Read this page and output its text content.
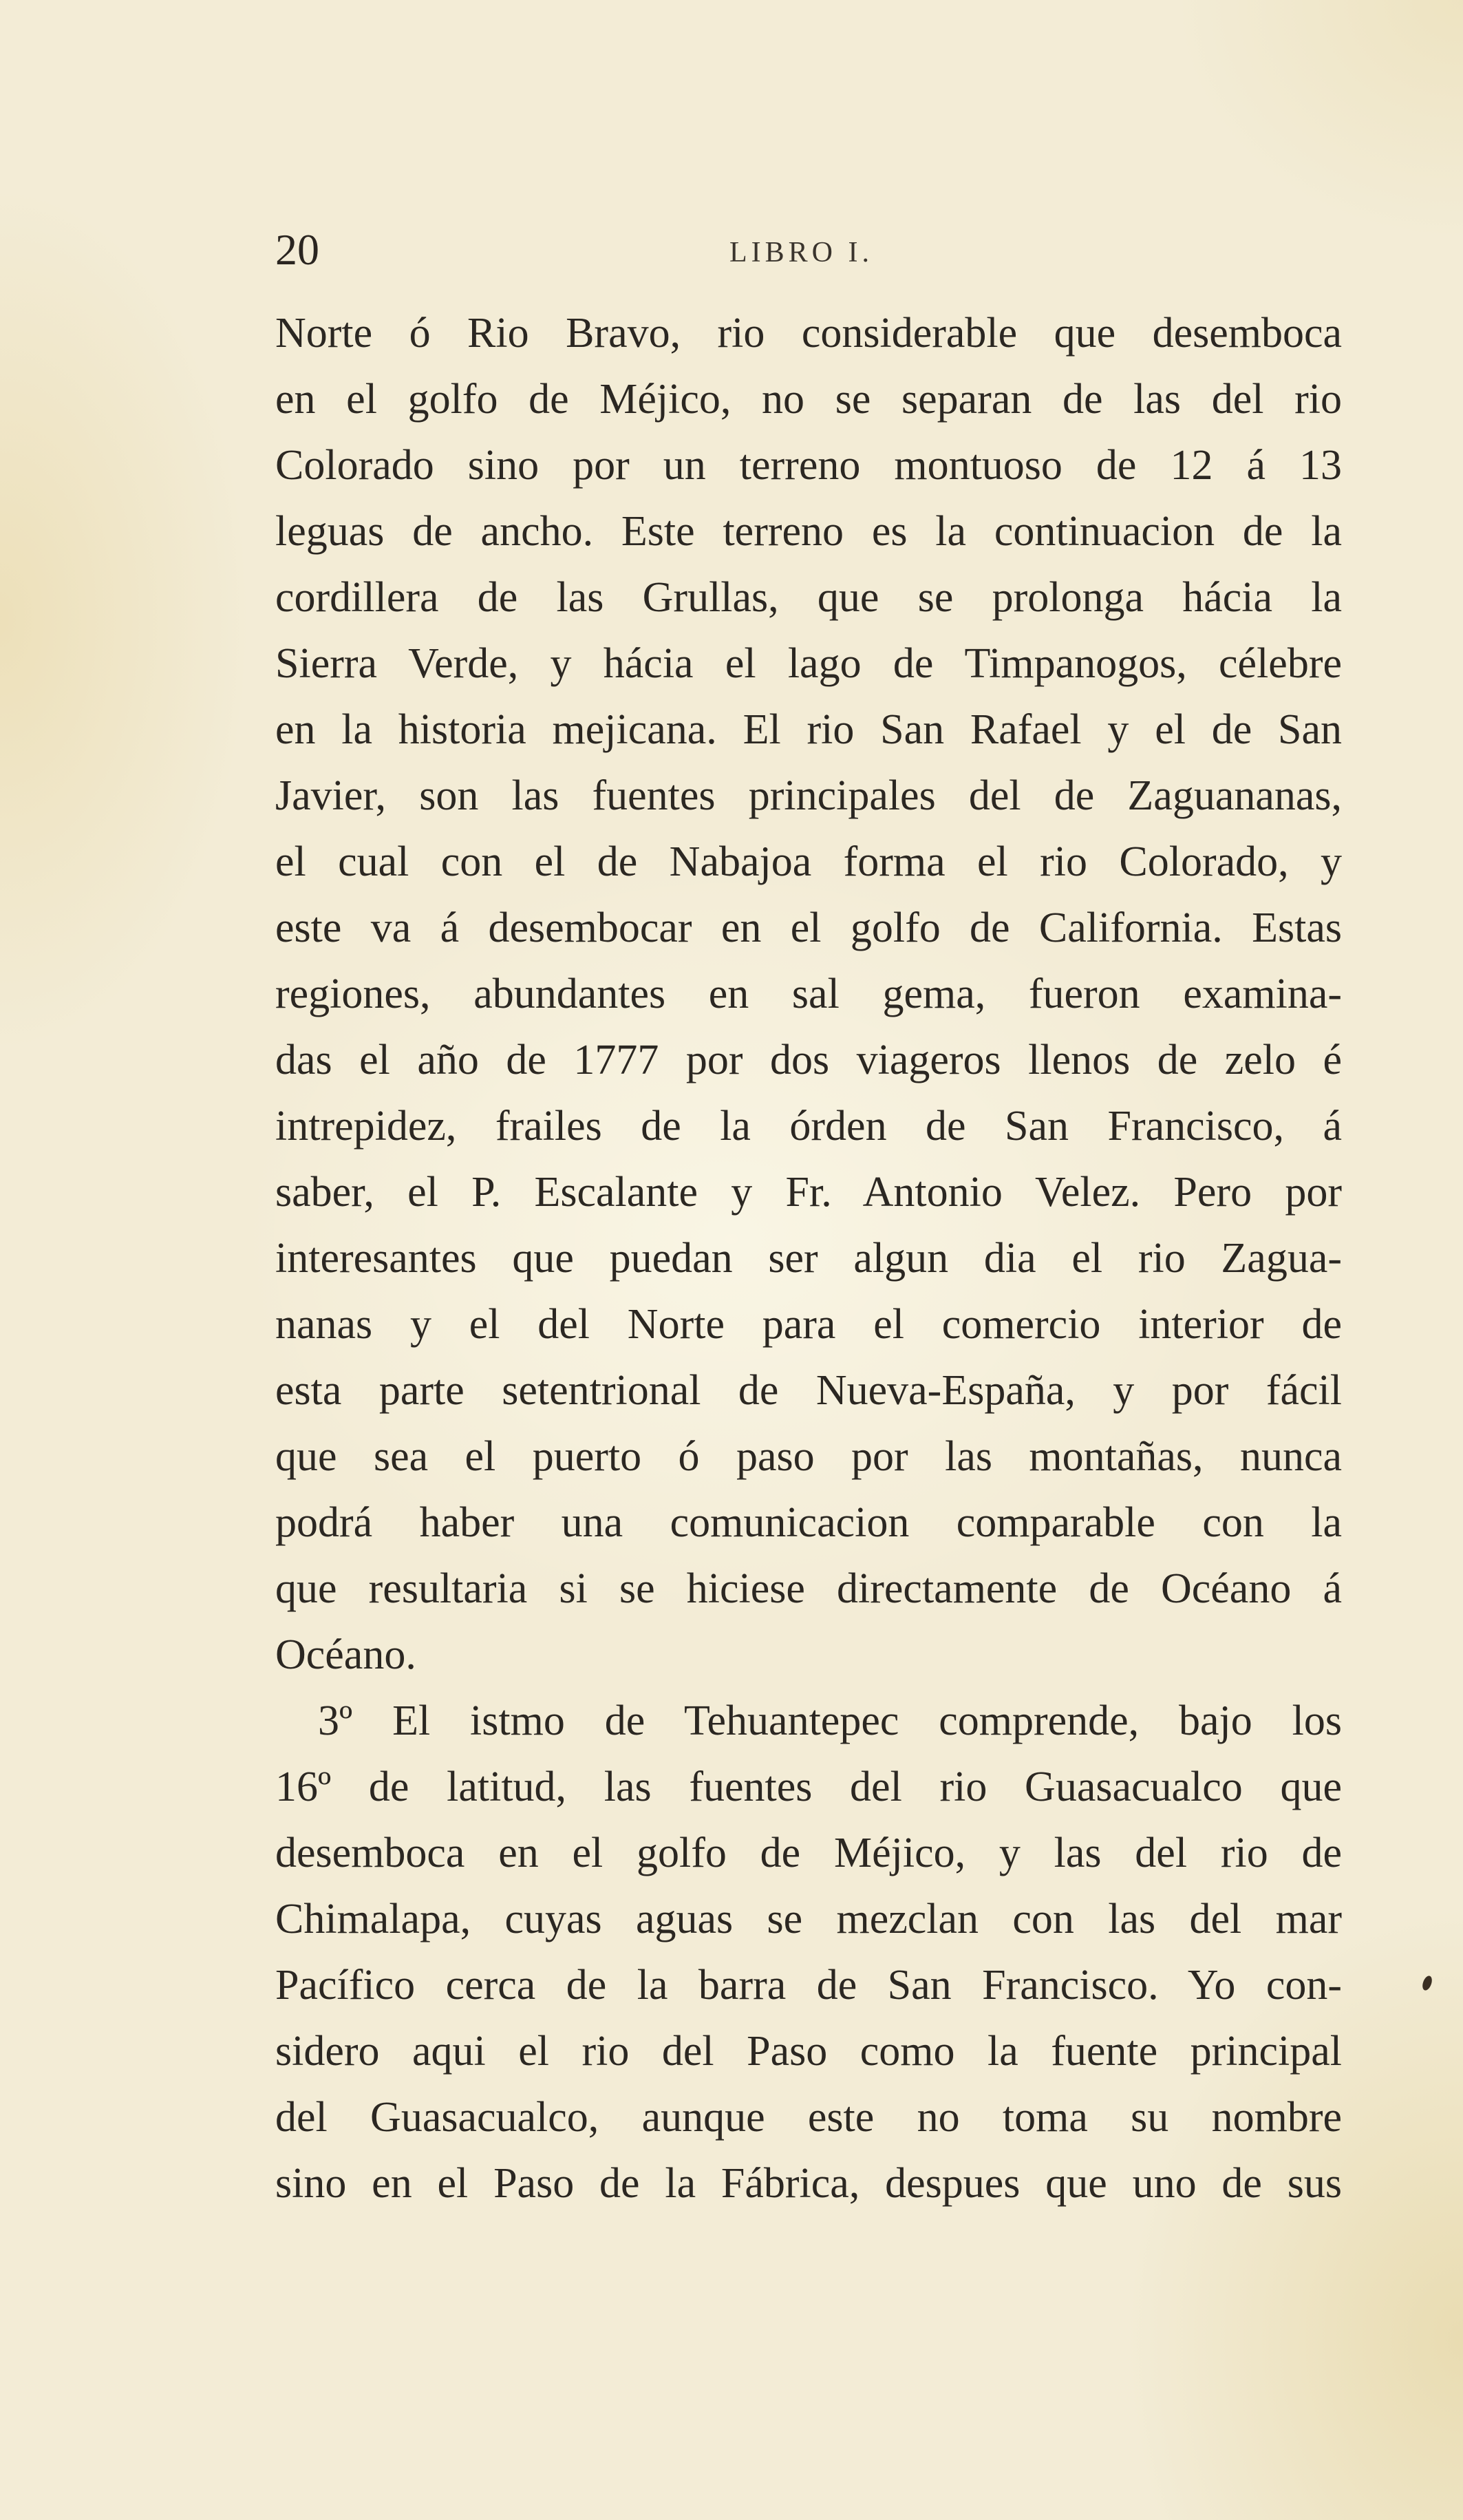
20	LIBRO I.
Norte ó Rio Bravo, rio considerable que desemboca
en el golfo de Méjico, no se separan de las del rio
Colorado sino por un terreno montuoso de 12 á 13
leguas de ancho. Este terreno es la continuacion de la
cordillera de las Grullas, que se prolonga hácia la
Sierra Verde, y hácia el lago de Timpanogos, célebre
en la historia mejicana. El rio San Rafael y el de San
Javier, son las fuentes principales del de Zaguananas,
el cual con el de Nabajoa forma el rio Colorado, y
este va á desembocar en el golfo de California. Estas
regiones, abundantes en sal gema, fueron examina-
das el año de 1777 por dos viageros llenos de zelo é
intrepidez, frailes de la órden de San Francisco, á
saber, el P. Escalante y Fr. Antonio Velez. Pero por
interesantes que puedan ser algun dia el rio Zagua-
nanas y el del Norte para el comercio interior de
esta parte setentrional de Nueva-España, y por fácil
que sea el puerto ó paso por las montañas, nunca
podrá haber una comunicacion comparable con la
que resultaria si se hiciese directamente de Océano á
Océano.
3º El istmo de Tehuantepec comprende, bajo los
16º de latitud, las fuentes del rio Guasacualco que
desemboca en el golfo de Méjico, y las del rio de
Chimalapa, cuyas aguas se mezclan con las del mar
Pacífico cerca de la barra de San Francisco. Yo con-
sidero aqui el rio del Paso como la fuente principal
del Guasacualco, aunque este no toma su nombre
sino en el Paso de la Fábrica, despues que uno de sus
